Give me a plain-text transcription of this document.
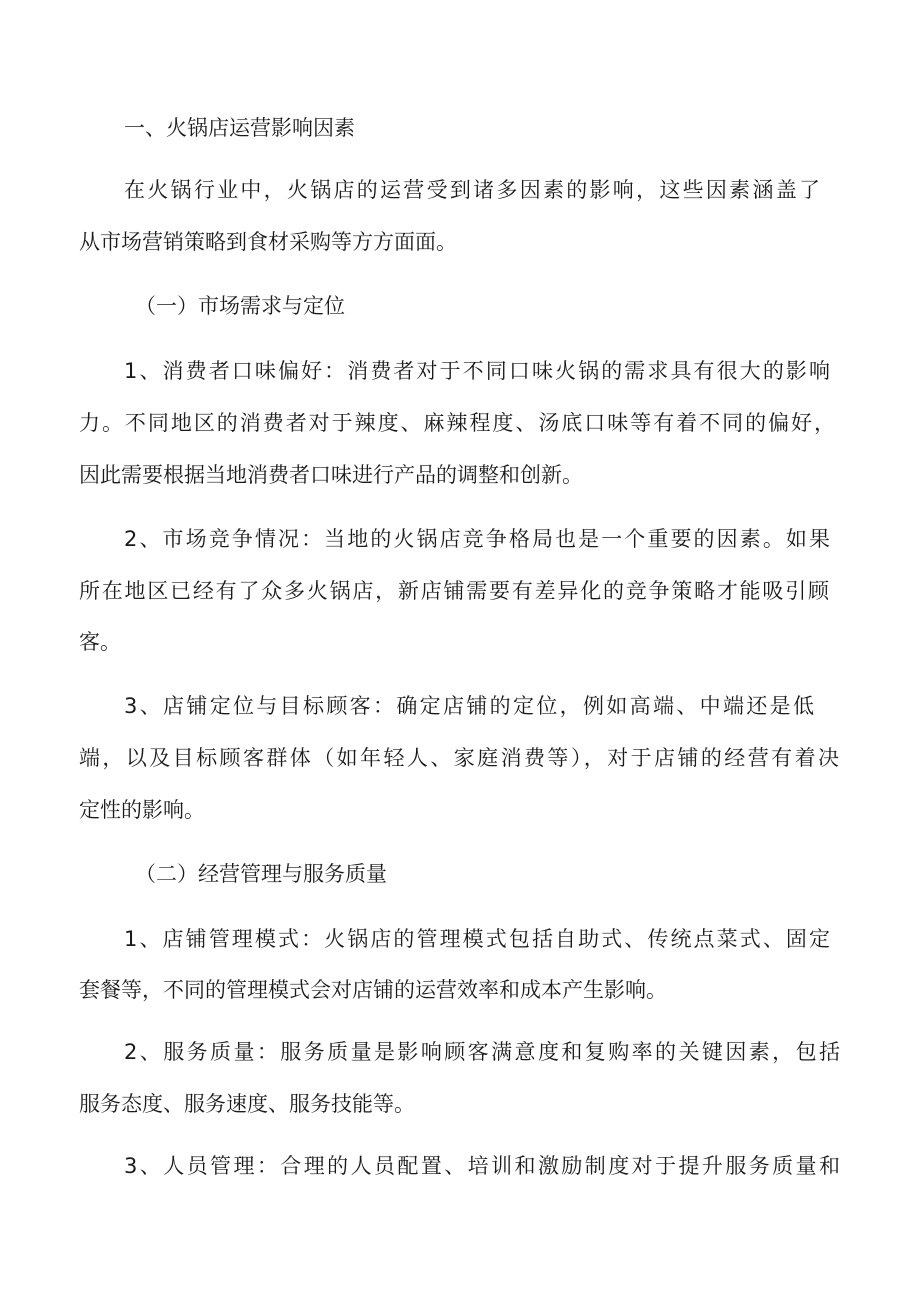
一、火锅店运营影响因素
在火锅行业中，火锅店的运营受到诸多因素的影响，这些因素涵盖了
从市场营销策略到食材采购等方方面面。
（一）市场需求与定位
1、消费者口味偏好：消费者对于不同口味火锅的需求具有很大的影响
力。不同地区的消费者对于辣度、麻辣程度、汤底口味等有着不同的偏好，
因此需要根据当地消费者口味进行产品的调整和创新。
2、市场竞争情况：当地的火锅店竞争格局也是一个重要的因素。如果
所在地区已经有了众多火锅店，新店铺需要有差异化的竞争策略才能吸引顾
客。
3、店铺定位与目标顾客：确定店铺的定位，例如高端、中端还是低
端，以及目标顾客群体（如年轻人、家庭消费等），对于店铺的经营有着决
定性的影响。
（二）经营管理与服务质量
1、店铺管理模式：火锅店的管理模式包括自助式、传统点菜式、固定
套餐等，不同的管理模式会对店铺的运营效率和成本产生影响。
2、服务质量：服务质量是影响顾客满意度和复购率的关键因素，包括
服务态度、服务速度、服务技能等。
3、人员管理：合理的人员配置、培训和激励制度对于提升服务质量和
